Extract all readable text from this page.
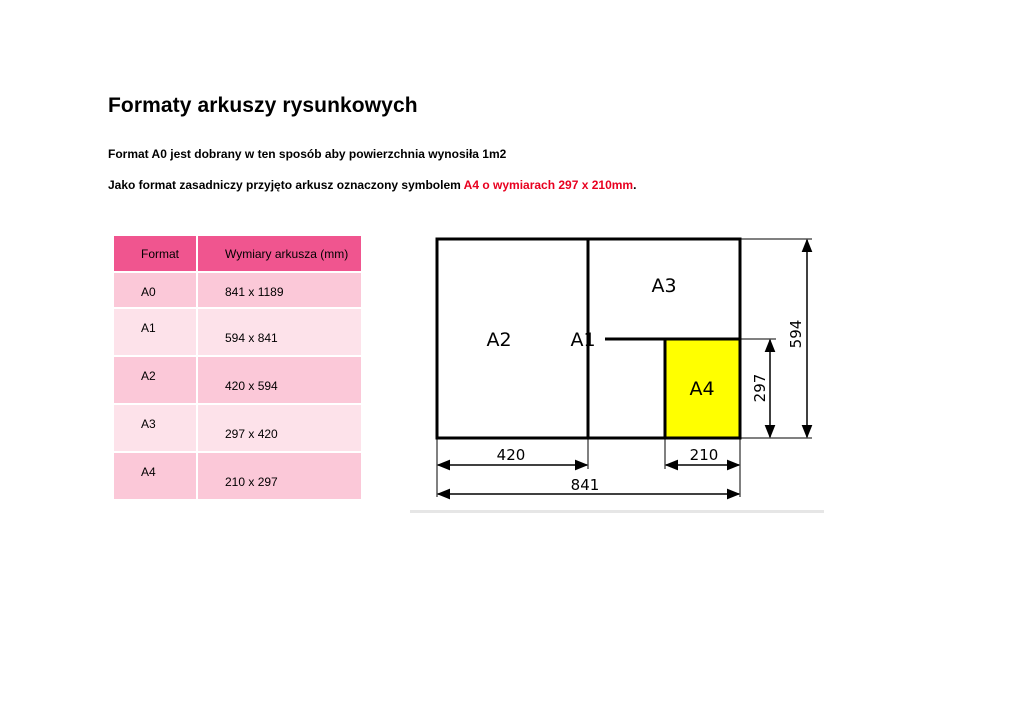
Formaty arkuszy rysunkowych
Format A0 jest dobrany w ten sposób aby powierzchnia wynosiła 1m2
Jako format zasadniczy przyjęto arkusz oznaczony symbolem A4 o wymiarach 297 x 210mm.
Format	Wymiary arkusza (mm)

A0	841 x 1189

A1	594 x 841

A2	420 x 594

A3	297 x 420

A4	210 x 297
A2	A1
A3
A4
420	210
841
297
594
